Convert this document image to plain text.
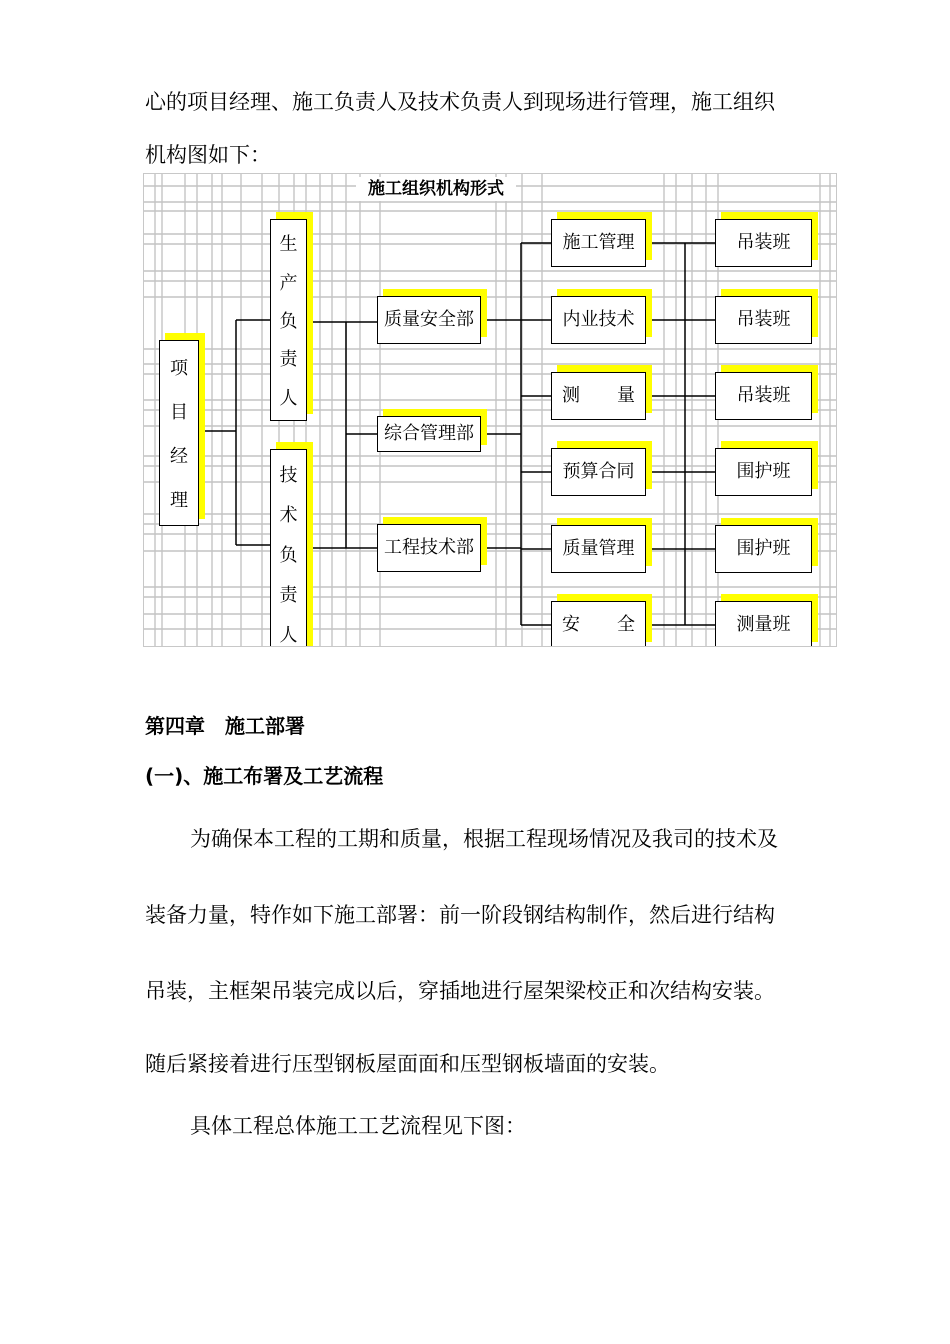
心的项目经理、施工负责人及技术负责人到现场进行管理，施工组织

机构图如下：

施工组织机构形式
项
目
经
理
生
产
负
责
人
技
术
负
责
人
质量安全部
综合管理部
工程技术部
施工管理
内业技术
测 量
预算合同
质量管理
安 全
吊装班
吊装班
吊装班
围护班
围护班
测量班
第四章　施工部署
(一)、施工布署及工艺流程

为确保本工程的工期和质量，根据工程现场情况及我司的技术及

装备力量，特作如下施工部署：前一阶段钢结构制作，然后进行结构

吊装，主框架吊装完成以后，穿插地进行屋架梁校正和次结构安装。

随后紧接着进行压型钢板屋面面和压型钢板墙面的安装。

具体工程总体施工工艺流程见下图：
